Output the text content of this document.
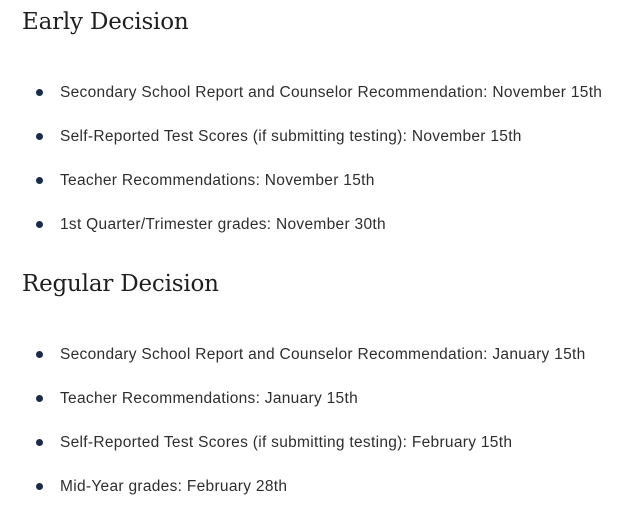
Early Decision
Secondary School Report and Counselor Recommendation: November 15th
Self-Reported Test Scores (if submitting testing): November 15th
Teacher Recommendations: November 15th
1st Quarter/Trimester grades: November 30th
Regular Decision
Secondary School Report and Counselor Recommendation: January 15th
Teacher Recommendations: January 15th
Self-Reported Test Scores (if submitting testing): February 15th
Mid-Year grades: February 28th
